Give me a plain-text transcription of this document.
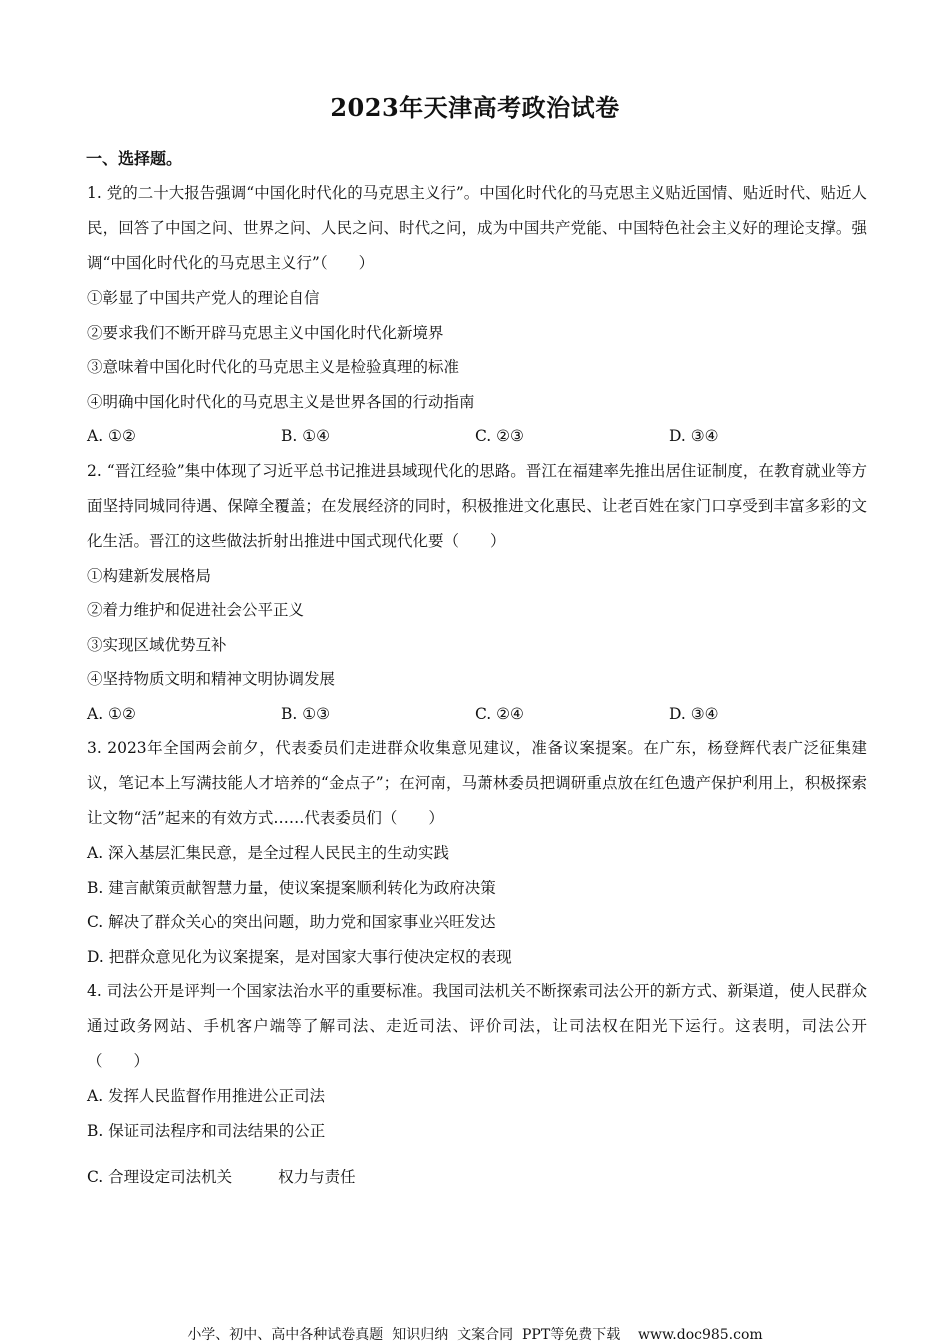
2023年天津高考政治试卷
一、选择题。

1. 党的二十大报告强调“中国化时代化的马克思主义行”。中国化时代化的马克思主义贴近国情、贴近时代、贴近人民，回答了中国之问、世界之问、人民之问、时代之问，成为中国共产党能、中国特色社会主义好的理论支撑。强调“中国化时代化的马克思主义行”（　　）

①彰显了中国共产党人的理论自信

②要求我们不断开辟马克思主义中国化时代化新境界

③意味着中国化时代化的马克思主义是检验真理的标准

④明确中国化时代化的马克思主义是世界各国的行动指南

A. ①②	B. ①④	C. ②③	D. ③④

2. “晋江经验”集中体现了习近平总书记推进县域现代化的思路。晋江在福建率先推出居住证制度，在教育就业等方面坚持同城同待遇、保障全覆盖；在发展经济的同时，积极推进文化惠民、让老百姓在家门口享受到丰富多彩的文化生活。晋江的这些做法折射出推进中国式现代化要（　　）

①构建新发展格局

②着力维护和促进社会公平正义

③实现区域优势互补

④坚持物质文明和精神文明协调发展

A. ①②	B. ①③	C. ②④	D. ③④

3. 2023年全国两会前夕，代表委员们走进群众收集意见建议，准备议案提案。在广东，杨登辉代表广泛征集建议，笔记本上写满技能人才培养的“金点子”；在河南，马萧林委员把调研重点放在红色遗产保护利用上，积极探索让文物“活”起来的有效方式……代表委员们（　　）

A. 深入基层汇集民意，是全过程人民民主的生动实践

B. 建言献策贡献智慧力量，使议案提案顺利转化为政府决策

C. 解决了群众关心的突出问题，助力党和国家事业兴旺发达

D. 把群众意见化为议案提案，是对国家大事行使决定权的表现

4. 司法公开是评判一个国家法治水平的重要标准。我国司法机关不断探索司法公开的新方式、新渠道，使人民群众通过政务网站、手机客户端等了解司法、走近司法、评价司法，让司法权在阳光下运行。这表明，司法公开（　　）

A. 发挥人民监督作用推进公正司法

B. 保证司法程序和司法结果的公正

C. 合理设定司法机关	权力与责任

小学、初中、高中各种试卷真题  知识归纳  文案合同  PPT等免费下载    www.doc985.com
